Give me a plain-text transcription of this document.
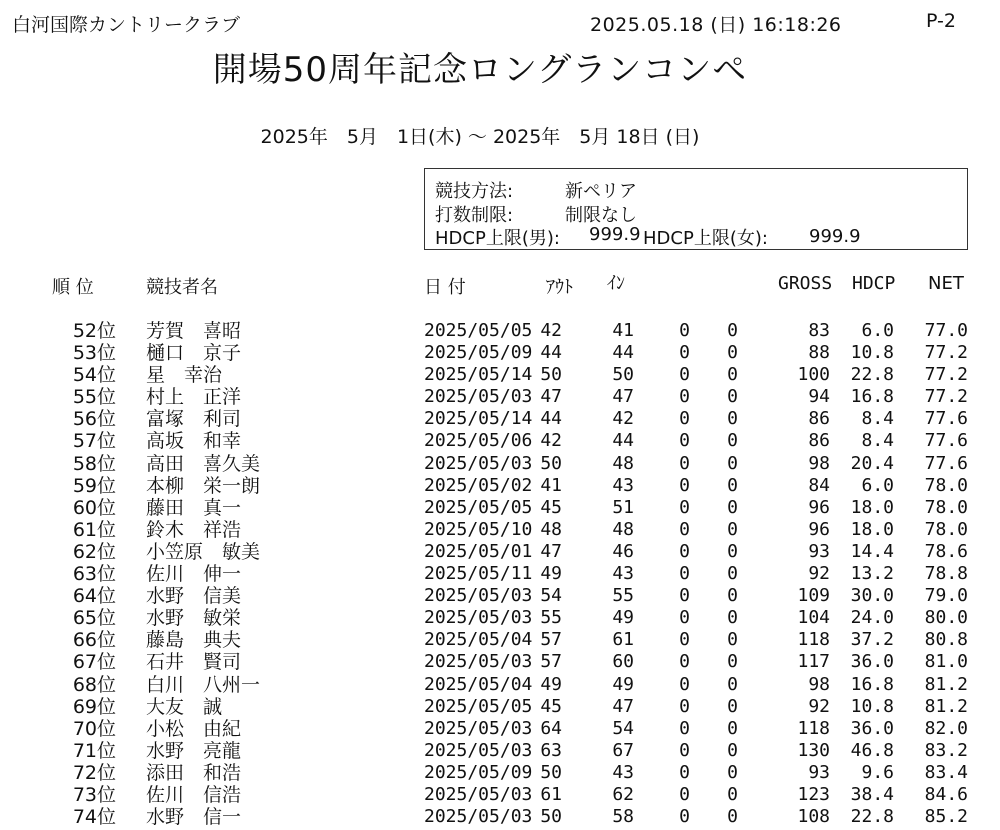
白河国際カントリークラブ	2025.05.18 (日) 16:18:26	P-2
開場50周年記念ロングランコンペ
2025年　5月　1日(木) 〜 2025年　5月 18日 (日)
競技方法:	新ペリア
打数制限:	制限なし
HDCP上限(男): 999.9 HDCP上限(女): 999.9
順 位	競技者名	日 付	ｱｳﾄ	ｲﾝ	GROSS HDCP NET
52位 芳賀　喜昭	2025/05/05 42	41	0 0	83	6.0	77.0
53位 樋口　京子	2025/05/09 44	44	0 0	88 10.8	77.2
54位 星　幸治	2025/05/14 50	50	0 0	100 22.8	77.2
55位 村上　正洋	2025/05/03 47	47	0 0	94 16.8	77.2
56位 富塚　利司	2025/05/14 44	42	0 0	86	8.4	77.6
57位 高坂　和幸	2025/05/06 42	44	0 0	86	8.4	77.6
58位 高田　喜久美	2025/05/03 50	48	0 0	98 20.4	77.6
59位 本柳　栄一朗	2025/05/02 41	43	0 0	84	6.0	78.0
60位 藤田　真一	2025/05/05 45	51	0 0	96 18.0	78.0
61位 鈴木　祥浩	2025/05/10 48	48	0 0	96 18.0	78.0
62位 小笠原　敏美	2025/05/01 47	46	0 0	93 14.4	78.6
63位 佐川　伸一	2025/05/11 49	43	0 0	92 13.2	78.8
64位 水野　信美	2025/05/03 54	55	0 0	109 30.0	79.0
65位 水野　敏栄	2025/05/03 55	49	0 0	104 24.0	80.0
66位 藤島　典夫	2025/05/04 57	61	0 0	118 37.2	80.8
67位 石井　賢司	2025/05/03 57	60	0 0	117 36.0	81.0
68位 白川　八州一	2025/05/04 49	49	0 0	98 16.8	81.2
69位 大友　誠	2025/05/05 45	47	0 0	92 10.8	81.2
70位 小松　由紀	2025/05/03 64	54	0 0	118 36.0	82.0
71位 水野　亮龍	2025/05/03 63	67	0 0	130 46.8	83.2
72位 添田　和浩	2025/05/09 50	43	0 0	93	9.6	83.4
73位 佐川　信浩	2025/05/03 61	62	0 0	123 38.4	84.6
74位 水野　信一	2025/05/03 50	58	0 0	108 22.8	85.2
